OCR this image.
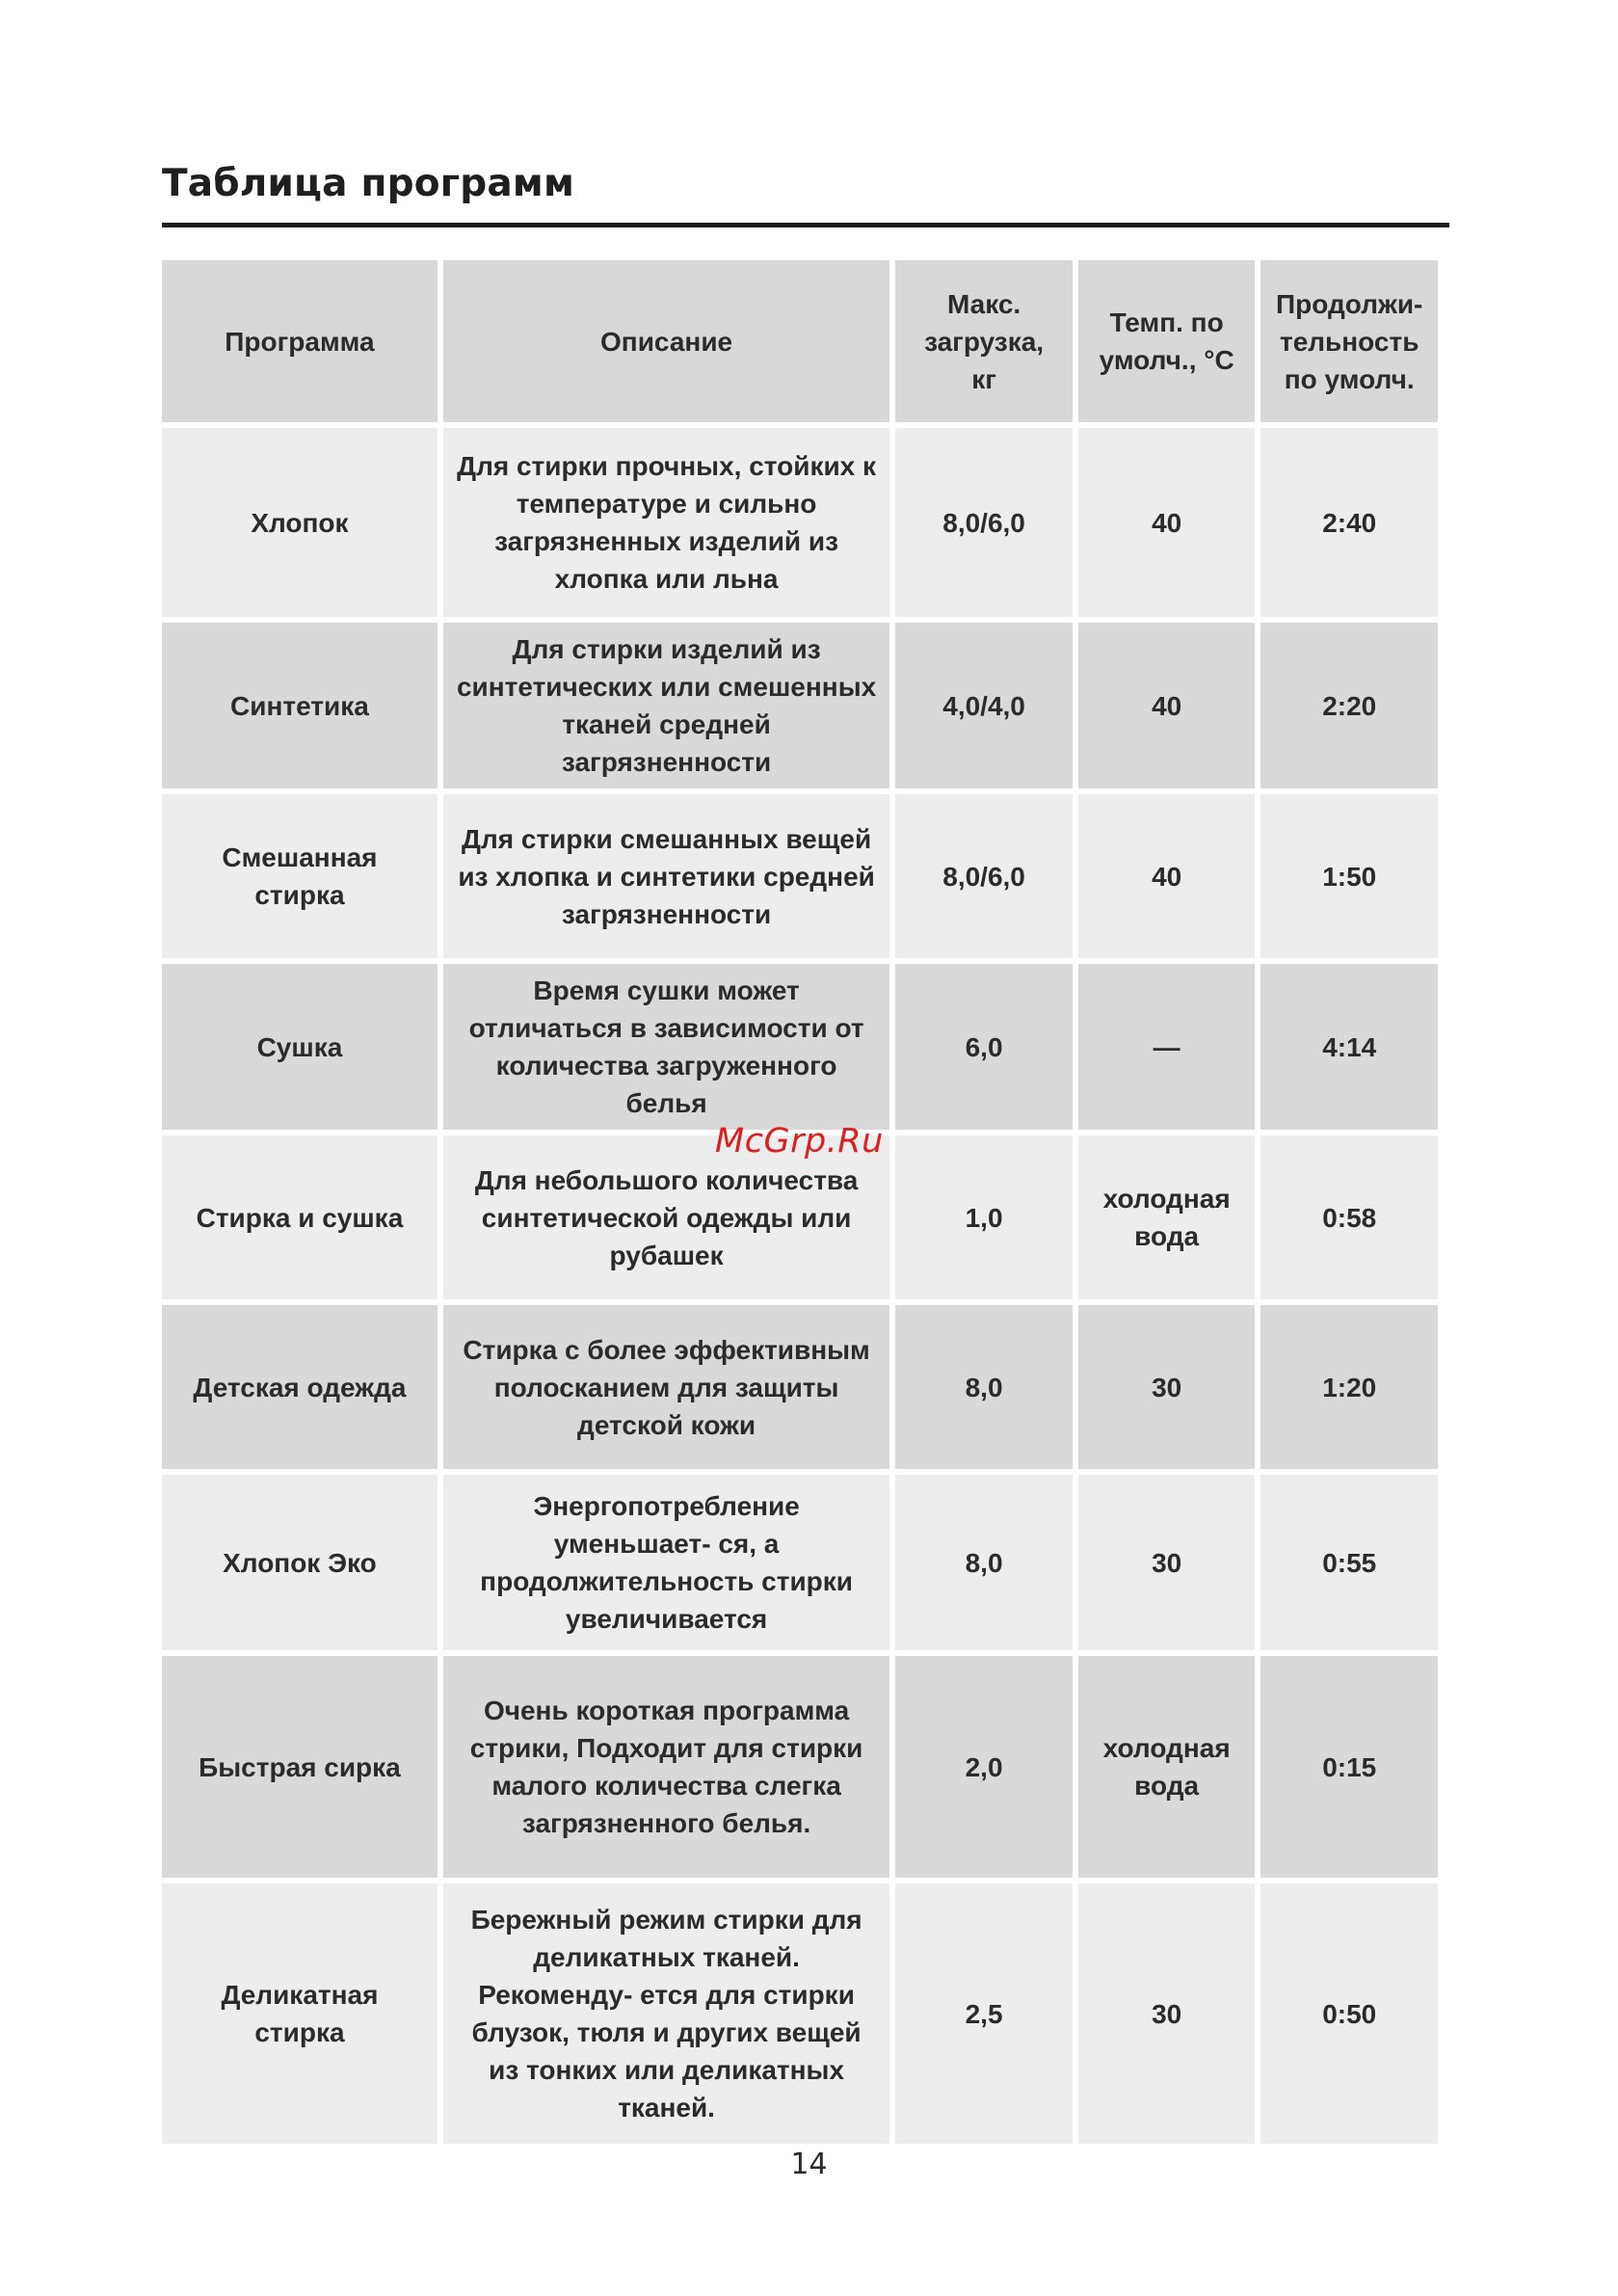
Таблица программ
Программа	Описание	Макс. загрузка, кг	Темп. по умолч., °C	Продолжи- тельность по умолч.
Хлопок	Для стирки прочных, стойких к температуре и сильно загрязненных изделий из хлопка или льна	8,0/6,0	40	2:40
Синтетика	Для стирки изделий из синтетических или смешенных тканей средней загрязненности	4,0/4,0	40	2:20
Смешанная стирка	Для стирки смешанных вещей из хлопка и синтетики средней загрязненности	8,0/6,0	40	1:50
Сушка	Время сушки может отличаться в зависимости от количества загруженного белья	6,0	—	4:14
Стирка и сушка	Для небольшого количества синтетической одежды или рубашек	1,0	холодная вода	0:58
Детская одежда	Стирка с более эффективным полосканием для защиты детской кожи	8,0	30	1:20
Хлопок Эко	Энергопотребление уменьшает- ся, а продолжительность стирки увеличивается	8,0	30	0:55
Быстрая сирка	Очень короткая программа стрики, Подходит для стирки малого количества слегка загрязненного белья.	2,0	холодная вода	0:15
Деликатная стирка	Бережный режим стирки для деликатных тканей. Рекоменду- ется для стирки блузок, тюля и других вещей из тонких или деликатных тканей.	2,5	30	0:50
McGrp.Ru
14
